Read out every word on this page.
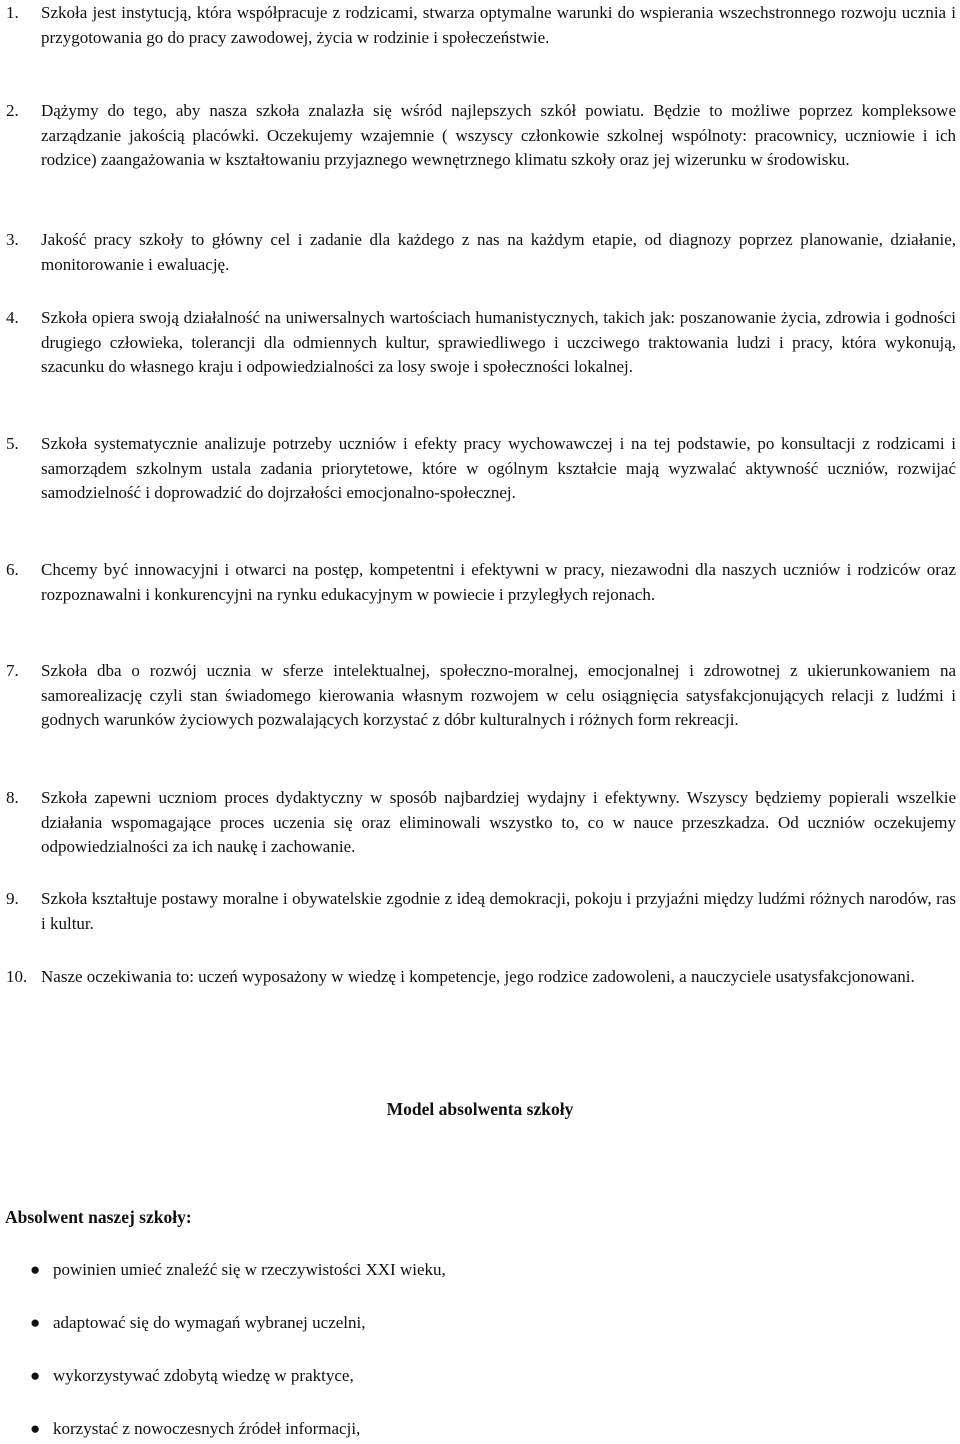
1.	Szkoła jest instytucją, która współpracuje z rodzicami, stwarza optymalne warunki do wspierania wszechstronnego rozwoju ucznia i przygotowania go do pracy zawodowej, życia w rodzinie i społeczeństwie.
2.	Dążymy do tego, aby nasza szkoła znalazła się wśród najlepszych szkół powiatu. Będzie to możliwe poprzez kompleksowe zarządzanie jakością placówki. Oczekujemy wzajemnie ( wszyscy członkowie szkolnej wspólnoty: pracownicy, uczniowie i ich rodzice) zaangażowania w kształtowaniu przyjaznego wewnętrznego klimatu szkoły oraz jej wizerunku w środowisku.
3.	Jakość pracy szkoły to główny cel i zadanie dla każdego z nas na każdym etapie, od diagnozy poprzez planowanie, działanie, monitorowanie i ewaluację.
4.	Szkoła opiera swoją działalność na uniwersalnych wartościach humanistycznych, takich jak: poszanowanie życia, zdrowia i godności drugiego człowieka, tolerancji dla odmiennych kultur, sprawiedliwego i uczciwego traktowania ludzi i pracy, która wykonują, szacunku do własnego kraju i odpowiedzialności za losy swoje i społeczności lokalnej.
5.	Szkoła systematycznie analizuje potrzeby uczniów i efekty pracy wychowawczej i na tej podstawie, po konsultacji z rodzicami i samorządem szkolnym ustala zadania priorytetowe, które w ogólnym kształcie mają wyzwalać aktywność uczniów, rozwijać samodzielność i doprowadzić do dojrzałości emocjonalno-społecznej.
6.	Chcemy być innowacyjni i otwarci na postęp, kompetentni i efektywni w pracy, niezawodni dla naszych uczniów i rodziców oraz rozpoznawalni i konkurencyjni na rynku edukacyjnym w powiecie i przyległych rejonach.
7.	Szkoła dba o rozwój ucznia w sferze intelektualnej, społeczno-moralnej, emocjonalnej i zdrowotnej z ukierunkowaniem na samorealizację czyli stan świadomego kierowania własnym rozwojem w celu osiągnięcia satysfakcjonujących relacji z ludźmi i godnych warunków życiowych pozwalających korzystać z dóbr kulturalnych i różnych form rekreacji.
8.	Szkoła zapewni uczniom proces dydaktyczny w sposób najbardziej wydajny i efektywny. Wszyscy będziemy popierali wszelkie działania wspomagające proces uczenia się oraz eliminowali wszystko to, co w nauce przeszkadza. Od uczniów oczekujemy odpowiedzialności za ich naukę i zachowanie.
9.	Szkoła kształtuje postawy moralne i obywatelskie zgodnie z ideą demokracji, pokoju i przyjaźni między ludźmi różnych narodów, ras i kultur.
10. Nasze oczekiwania to: uczeń wyposażony w wiedzę i kompetencje, jego rodzice zadowoleni, a nauczyciele usatysfakcjonowani.
Model absolwenta szkoły
Absolwent naszej szkoły:
● powinien umieć znaleźć się w rzeczywistości XXI wieku,
● adaptować się do wymagań wybranej uczelni,
● wykorzystywać zdobytą wiedzę w praktyce,
● korzystać z nowoczesnych źródeł informacji,
